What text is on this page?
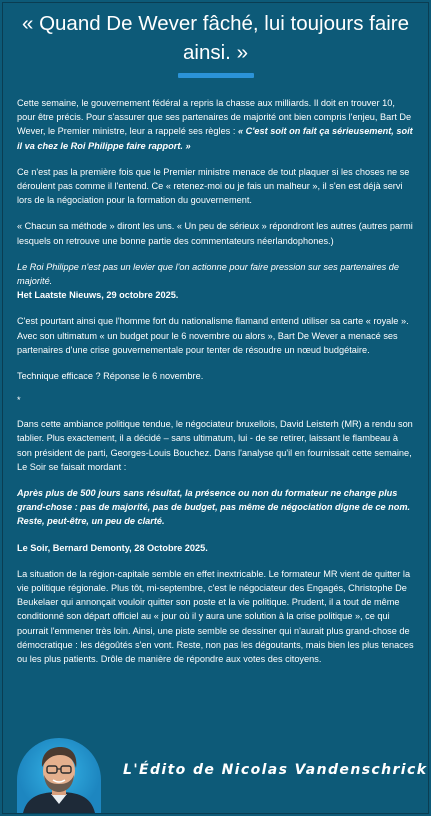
« Quand De Wever fâché, lui toujours faire ainsi. »

Cette semaine, le gouvernement fédéral a repris la chasse aux milliards. Il doit en trouver 10, pour être précis. Pour s'assurer que ses partenaires de majorité ont bien compris l'enjeu, Bart De Wever, le Premier ministre, leur a rappelé ses règles : « C'est soit on fait ça sérieusement, soit il va chez le Roi Philippe faire rapport. »

Ce n'est pas la première fois que le Premier ministre menace de tout plaquer si les choses ne se déroulent pas comme il l'entend. Ce « retenez-moi ou je fais un malheur », il s'en est déjà servi lors de la négociation pour la formation du gouvernement.

« Chacun sa méthode » diront les uns. « Un peu de sérieux » répondront les autres (autres parmi lesquels on retrouve une bonne partie des commentateurs néerlandophones.)

Le Roi Philippe n'est pas un levier que l'on actionne pour faire pression sur ses partenaires de majorité.
Het Laatste Nieuws, 29 octobre 2025.

C'est pourtant ainsi que l'homme fort du nationalisme flamand entend utiliser sa carte « royale ». Avec son ultimatum « un budget pour le 6 novembre ou alors », Bart De Wever a menacé ses partenaires d'une crise gouvernementale pour tenter de résoudre un nœud budgétaire.

Technique efficace ? Réponse le 6 novembre.

*

Dans cette ambiance politique tendue, le négociateur bruxellois, David Leisterh (MR) a rendu son tablier. Plus exactement, il a décidé – sans ultimatum, lui - de se retirer, laissant le flambeau à son président de parti, Georges-Louis Bouchez. Dans l'analyse qu'il en fournissait cette semaine, Le Soir se faisait mordant :

Après plus de 500 jours sans résultat, la présence ou non du formateur ne change plus grand-chose : pas de majorité, pas de budget, pas même de négociation digne de ce nom. Reste, peut-être, un peu de clarté.

Le Soir, Bernard Demonty, 28 Octobre 2025.

La situation de la région-capitale semble en effet inextricable. Le formateur MR vient de quitter la vie politique régionale. Plus tôt, mi-septembre, c'est le négociateur des Engagés, Christophe De Beukelaer qui annonçait vouloir quitter son poste et la vie politique. Prudent, il a tout de même conditionné son départ officiel au « jour où il y aura une solution à la crise politique », ce qui pourrait l'emmener très loin. Ainsi, une piste semble se dessiner qui n'aurait plus grand-chose de démocratique : les dégoûtés s'en vont. Reste, non pas les dégoutants, mais bien les plus tenaces ou les plus patients. Drôle de manière de répondre aux votes des citoyens.

L'Édito de Nicolas Vandenschrick
